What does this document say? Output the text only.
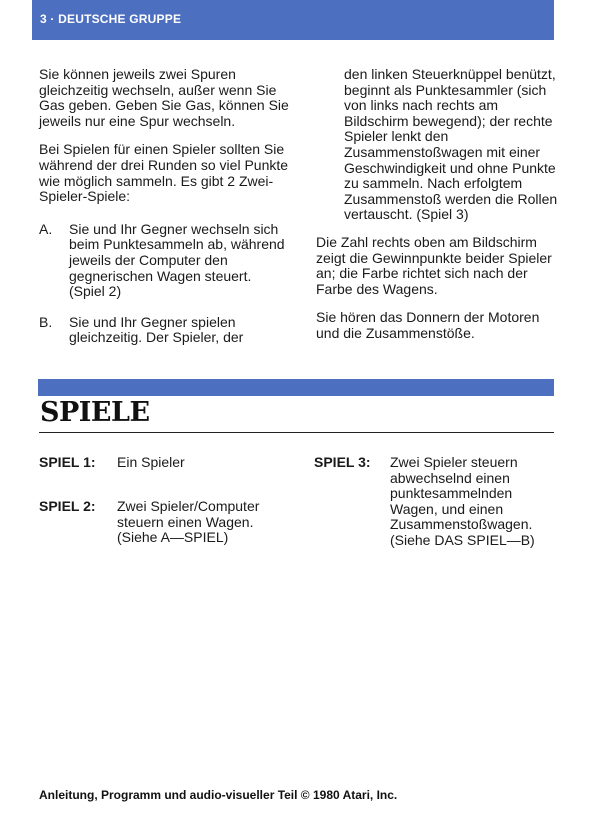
3 · DEUTSCHE GRUPPE

Sie können jeweils zwei Spuren gleichzeitig wechseln, außer wenn Sie Gas geben. Geben Sie Gas, können Sie jeweils nur eine Spur wechseln.

Bei Spielen für einen Spieler sollten Sie während der drei Runden so viel Punkte wie möglich sammeln. Es gibt 2 Zwei-Spieler-Spiele:

A.	Sie und Ihr Gegner wechseln sich beim Punktesammeln ab, während jeweils der Computer den gegnerischen Wagen steuert. (Spiel 2)
B.	Sie und Ihr Gegner spielen gleichzeitig. Der Spieler, der

den linken Steuerknüppel benützt, beginnt als Punktesammler (sich von links nach rechts am Bildschirm bewegend); der rechte Spieler lenkt den Zusammenstoßwagen mit einer Geschwindigkeit und ohne Punkte zu sammeln. Nach erfolgtem Zusammenstoß werden die Rollen vertauscht. (Spiel 3)

Die Zahl rechts oben am Bildschirm zeigt die Gewinnpunkte beider Spieler an; die Farbe richtet sich nach der Farbe des Wagens.

Sie hören das Donnern der Motoren und die Zusammenstöße.

SPIELE
SPIEL 1:	Ein Spieler
SPIEL 2:	Zwei Spieler/Computer steuern einen Wagen. (Siehe A—SPIEL)
SPIEL 3:	Zwei Spieler steuern abwechselnd einen punktesammelnden Wagen, und einen Zusammenstoßwagen. (Siehe DAS SPIEL—B)
Anleitung, Programm und audio-visueller Teil © 1980 Atari, Inc.
